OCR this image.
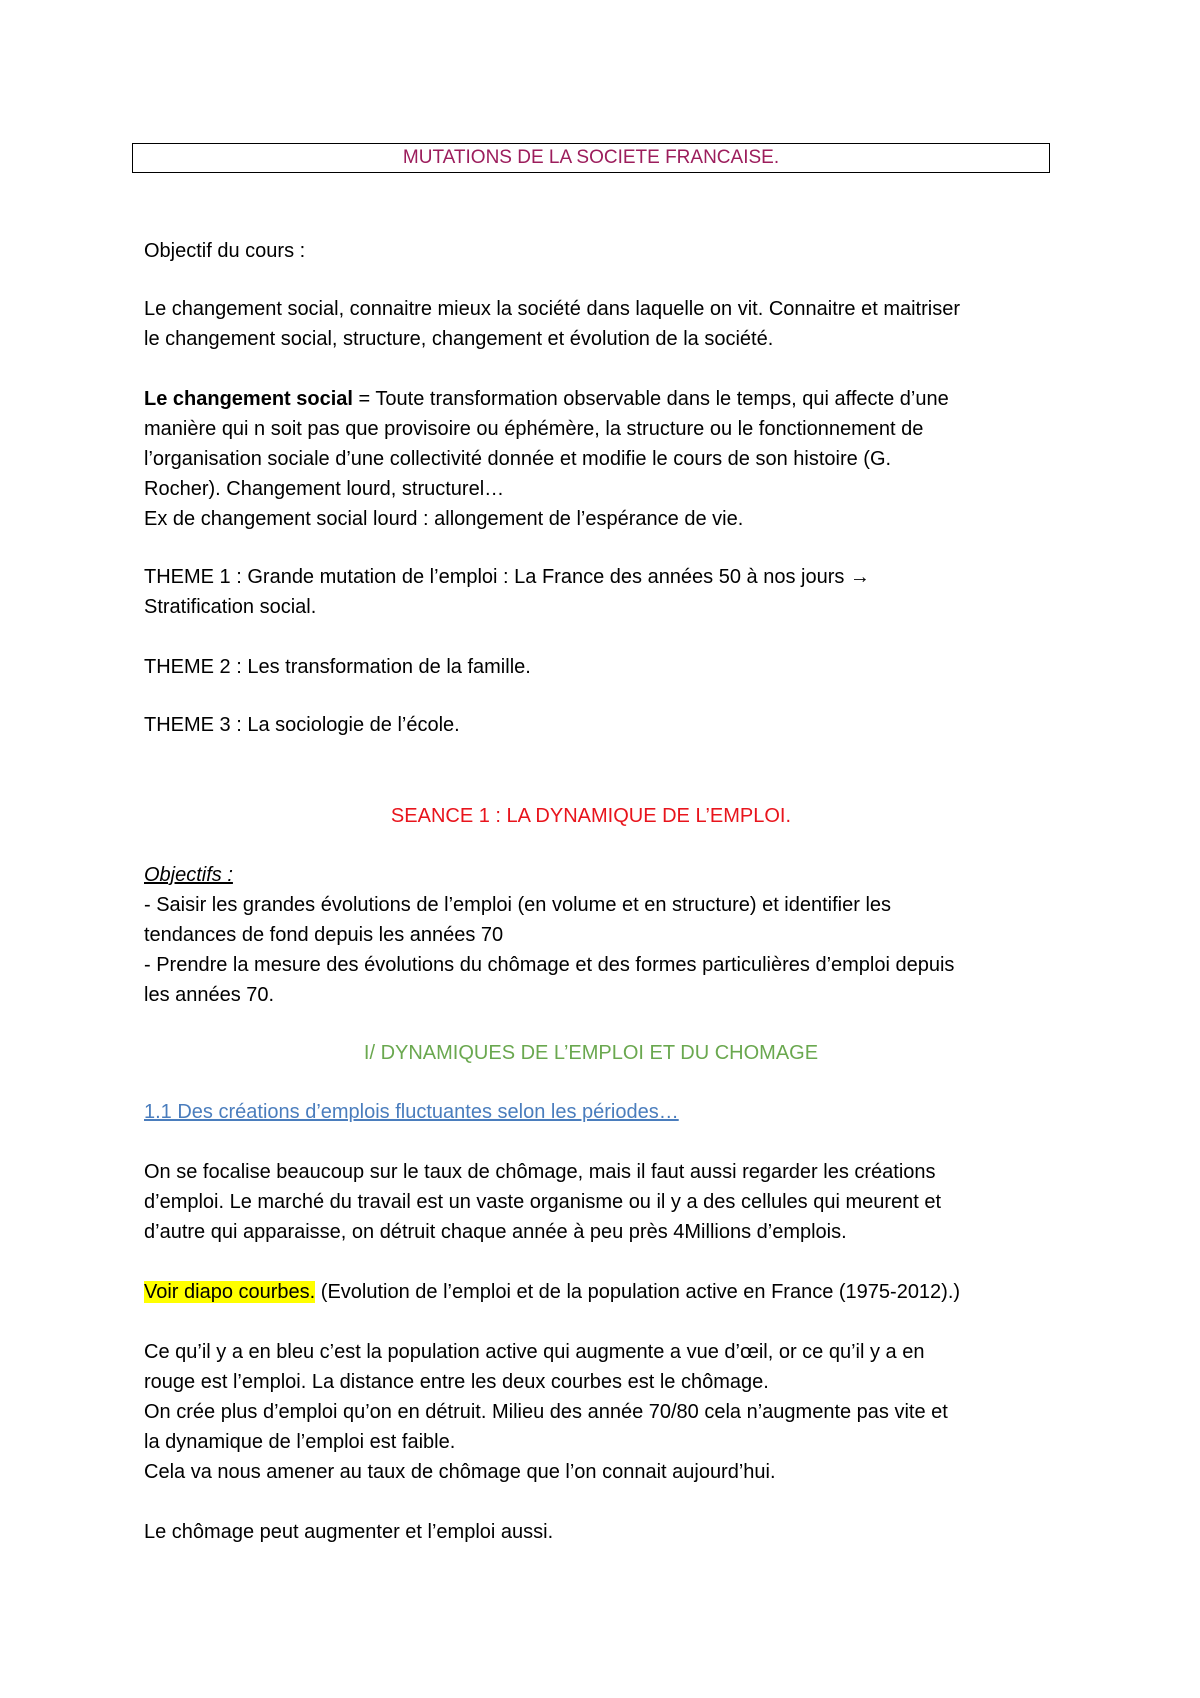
MUTATIONS DE LA SOCIETE FRANCAISE.
Objectif du cours :
Le changement social, connaitre mieux la société dans laquelle on vit. Connaitre et maitriser
le changement social, structure, changement et évolution de la société.
Le changement social = Toute transformation observable dans le temps, qui affecte d’une
manière qui n soit pas que provisoire ou éphémère, la structure ou le fonctionnement de
l’organisation sociale d’une collectivité donnée et modifie le cours de son histoire (G.
Rocher). Changement lourd, structurel…
Ex de changement social lourd : allongement de l’espérance de vie.
THEME 1 : Grande mutation de l’emploi : La France des années 50 à nos jours →
Stratification social.
THEME 2 : Les transformation de la famille.
THEME 3 : La sociologie de l’école.
SEANCE 1 : LA DYNAMIQUE DE L’EMPLOI.
Objectifs :
- Saisir les grandes évolutions de l’emploi (en volume et en structure) et identifier les
tendances de fond depuis les années 70
- Prendre la mesure des évolutions du chômage et des formes particulières d’emploi depuis
les années 70.
I/ DYNAMIQUES DE L’EMPLOI ET DU CHOMAGE
1.1 Des créations d’emplois fluctuantes selon les périodes…
On se focalise beaucoup sur le taux de chômage, mais il faut aussi regarder les créations
d’emploi. Le marché du travail est un vaste organisme ou il y a des cellules qui meurent et
d’autre qui apparaisse, on détruit chaque année à peu près 4Millions d’emplois.
Voir diapo courbes. (Evolution de l’emploi et de la population active en France (1975-2012).)
Ce qu’il y a en bleu c’est la population active qui augmente a vue d’œil, or ce qu’il y a en
rouge est l’emploi. La distance entre les deux courbes est le chômage.
On crée plus d’emploi qu’on en détruit. Milieu des année 70/80 cela n’augmente pas vite et
la dynamique de l’emploi est faible.
Cela va nous amener au taux de chômage que l’on connait aujourd’hui.
Le chômage peut augmenter et l’emploi aussi.
